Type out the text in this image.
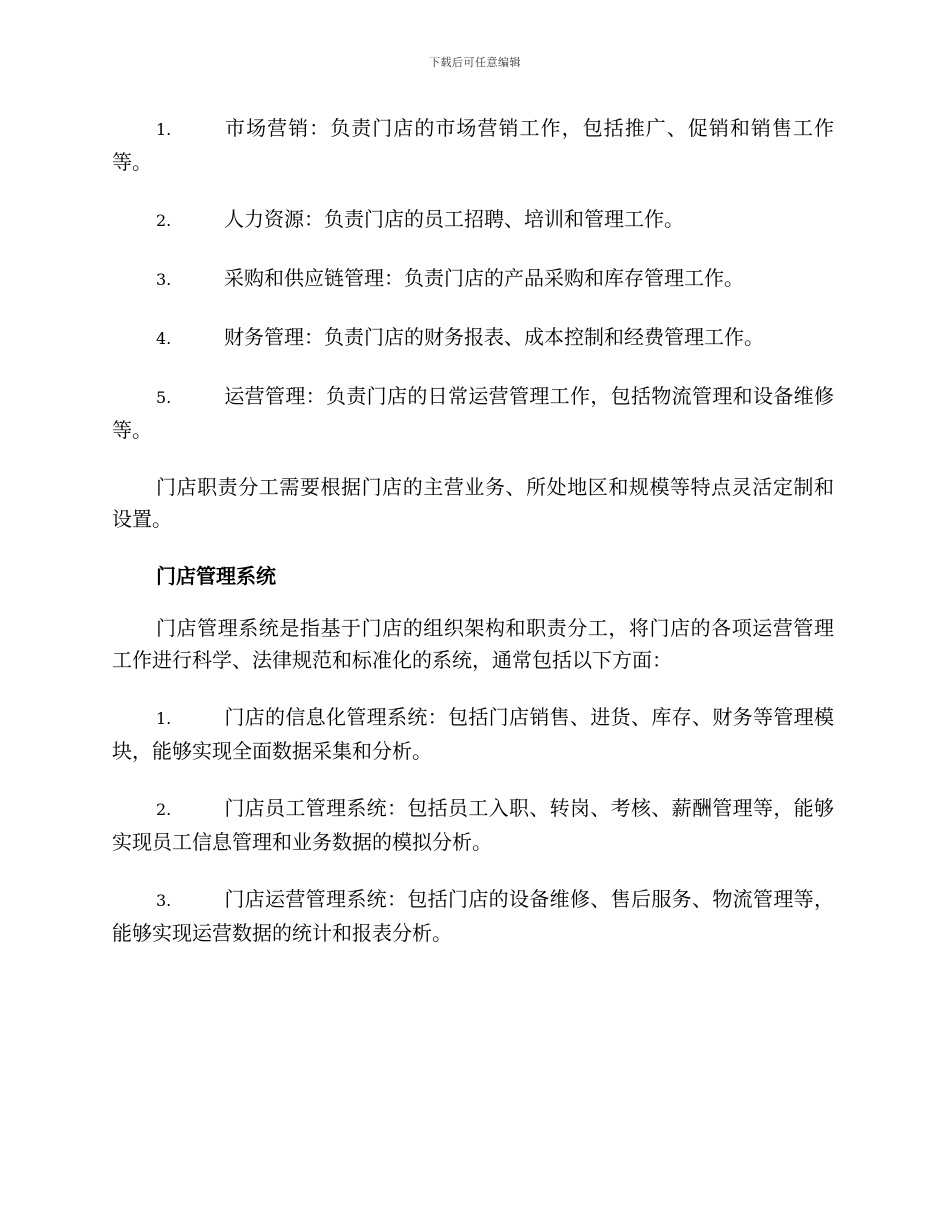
下载后可任意编辑

1.	市场营销：负责门店的市场营销工作，包括推广、促销和销售工作等。

2.	人力资源：负责门店的员工招聘、培训和管理工作。

3.	采购和供应链管理：负责门店的产品采购和库存管理工作。

4.	财务管理：负责门店的财务报表、成本控制和经费管理工作。

5.	运营管理：负责门店的日常运营管理工作，包括物流管理和设备维修等。

门店职责分工需要根据门店的主营业务、所处地区和规模等特点灵活定制和设置。

门店管理系统

门店管理系统是指基于门店的组织架构和职责分工，将门店的各项运营管理工作进行科学、法律规范和标准化的系统，通常包括以下方面：

1.	门店的信息化管理系统：包括门店销售、进货、库存、财务等管理模块，能够实现全面数据采集和分析。

2.	门店员工管理系统：包括员工入职、转岗、考核、薪酬管理等，能够实现员工信息管理和业务数据的模拟分析。

3.	门店运营管理系统：包括门店的设备维修、售后服务、物流管理等，能够实现运营数据的统计和报表分析。
